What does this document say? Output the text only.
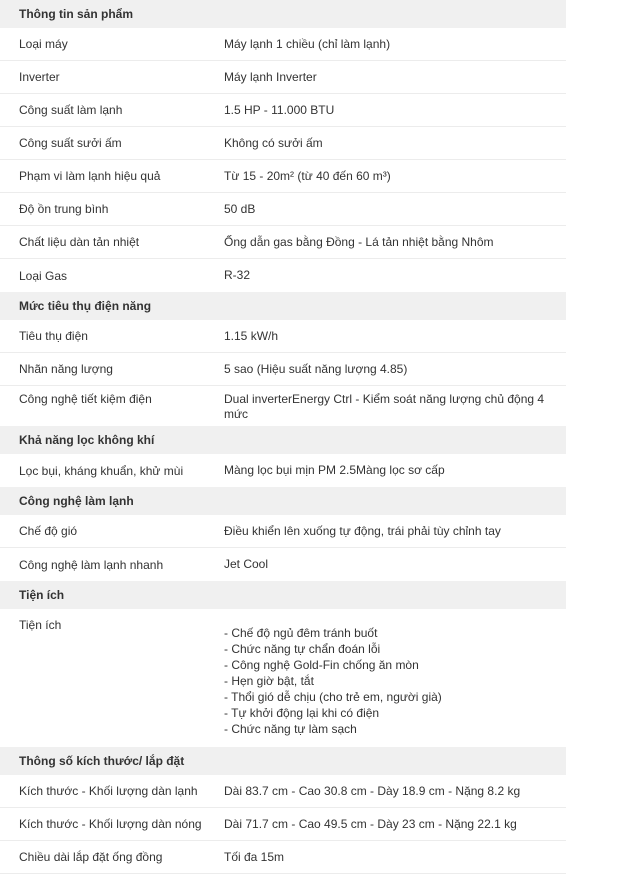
Thông tin sản phẩm
Loại máy	Máy lạnh 1 chiều (chỉ làm lạnh)
Inverter	Máy lạnh Inverter
Công suất làm lạnh	1.5 HP - 11.000 BTU
Công suất sưởi ấm	Không có sưởi ấm
Phạm vi làm lạnh hiệu quả	Từ 15 - 20m² (từ 40 đến 60 m³)
Độ ồn trung bình	50 dB
Chất liệu dàn tản nhiệt	Ống dẫn gas bằng Đồng - Lá tản nhiệt bằng Nhôm
Loại Gas	R-32
Mức tiêu thụ điện năng
Tiêu thụ điện	1.15 kW/h
Nhãn năng lượng	5 sao (Hiệu suất năng lượng 4.85)
Công nghệ tiết kiệm điện	Dual inverterEnergy Ctrl - Kiểm soát năng lượng chủ động 4 mức
Khả năng lọc không khí
Lọc bụi, kháng khuẩn, khử mùi	Màng lọc bụi mịn PM 2.5Màng lọc sơ cấp
Công nghệ làm lạnh
Chế độ gió	Điều khiển lên xuống tự động, trái phải tùy chỉnh tay
Công nghệ làm lạnh nhanh	Jet Cool
Tiện ích
Tiện ích
- Chế độ ngủ đêm tránh buốt
- Chức năng tự chẩn đoán lỗi
- Công nghệ Gold-Fin chống ăn mòn
- Hẹn giờ bật, tắt
- Thổi gió dễ chịu (cho trẻ em, người già)
- Tự khởi động lại khi có điện
- Chức năng tự làm sạch
Thông số kích thước/ lắp đặt
Kích thước - Khối lượng dàn lạnh	Dài 83.7 cm - Cao 30.8 cm - Dày 18.9 cm - Nặng 8.2 kg
Kích thước - Khối lượng dàn nóng	Dài 71.7 cm - Cao 49.5 cm - Dày 23 cm - Nặng 22.1 kg
Chiều dài lắp đặt ống đồng	Tối đa 15m
